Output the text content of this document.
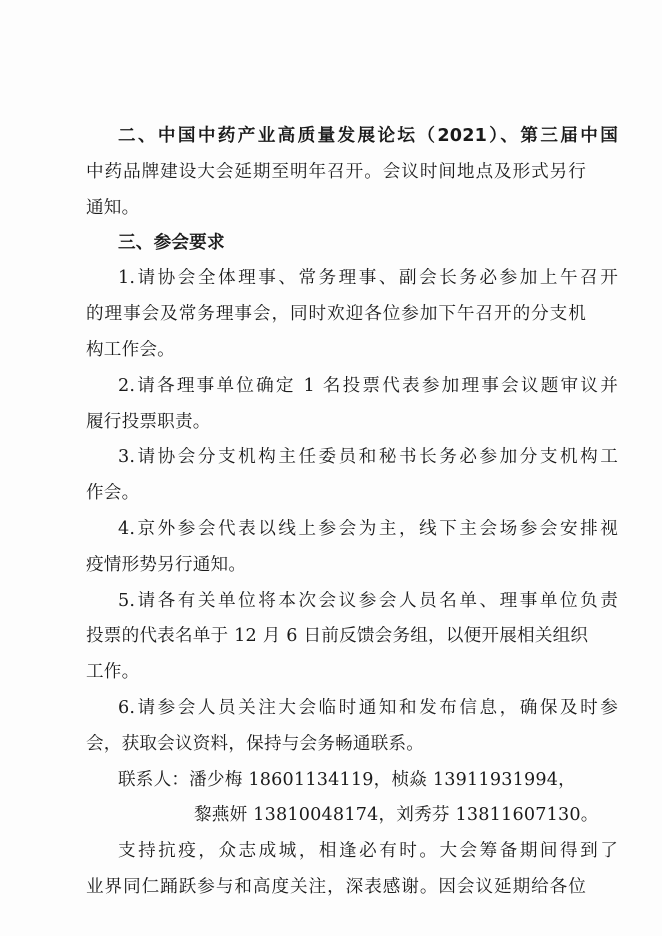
二、中国中药产业高质量发展论坛（2021）、第三届中国
中药品牌建设大会延期至明年召开。会议时间地点及形式另行
通知。
三、参会要求
1.请协会全体理事、常务理事、副会长务必参加上午召开
的理事会及常务理事会，同时欢迎各位参加下午召开的分支机
构工作会。
2.请各理事单位确定 1 名投票代表参加理事会议题审议并
履行投票职责。
3.请协会分支机构主任委员和秘书长务必参加分支机构工
作会。
4.京外参会代表以线上参会为主，线下主会场参会安排视
疫情形势另行通知。
5.请各有关单位将本次会议参会人员名单、理事单位负责
投票的代表名单于 12 月 6 日前反馈会务组，以便开展相关组织
工作。
6.请参会人员关注大会临时通知和发布信息，确保及时参
会，获取会议资料，保持与会务畅通联系。
联系人：潘少梅 18601134119，桢焱 13911931994，
黎燕妍 13810048174，刘秀芬 13811607130。
支持抗疫，众志成城，相逢必有时。大会筹备期间得到了
业界同仁踊跃参与和高度关注，深表感谢。因会议延期给各位
